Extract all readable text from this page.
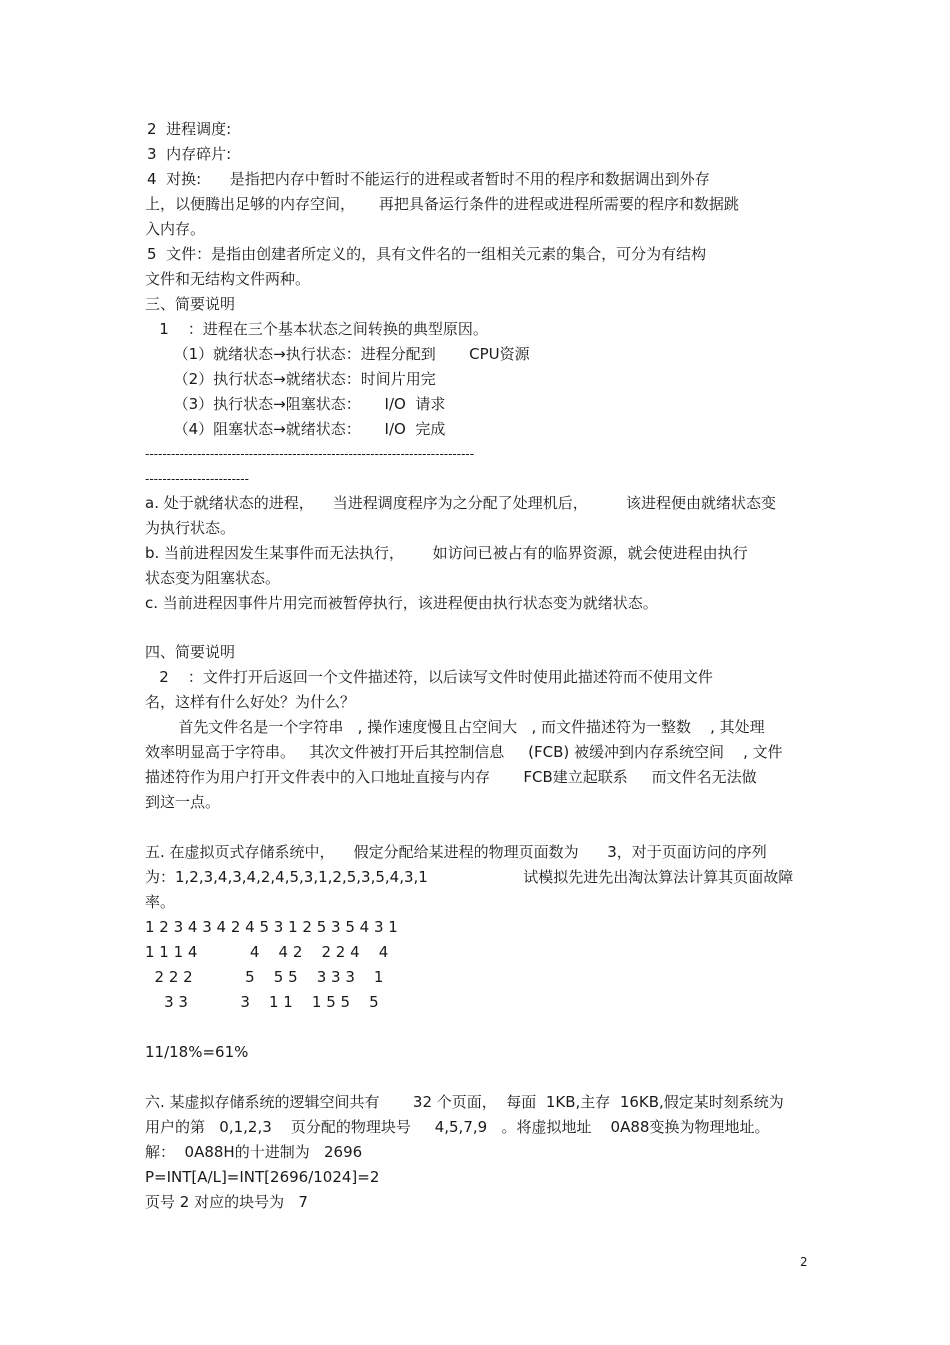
2  进程调度:
3  内存碎片:
4  对换:      是指把内存中暂时不能运行的进程或者暂时不用的程序和数据调出到外存
上，以便腾出足够的内存空间，     再把具备运行条件的进程或进程所需要的程序和数据跳
入内存。
5  文件：是指由创建者所定义的，具有文件名的一组相关元素的集合，可分为有结构
文件和无结构文件两种。
三、简要说明
1    ：进程在三个基本状态之间转换的典型原因。
（1）就绪状态→执行状态：进程分配到       CPU资源
（2）执行状态→就绪状态：时间片用完
（3）执行状态→阻塞状态：     I/O  请求
（4）阻塞状态→就绪状态：     I/O  完成
----------------------------------------------------------------------------
------------------------
a. 处于就绪状态的进程，    当进程调度程序为之分配了处理机后，        该进程便由就绪状态变
为执行状态。
b. 当前进程因发生某事件而无法执行，      如访问已被占有的临界资源，就会使进程由执行
状态变为阻塞状态。
c. 当前进程因事件片用完而被暂停执行，该进程便由执行状态变为就绪状态。
四、简要说明
2    ：文件打开后返回一个文件描述符，以后读写文件时使用此描述符而不使用文件
名，这样有什么好处？为什么？
首先文件名是一个字符串   , 操作速度慢且占空间大   , 而文件描述符为一整数    , 其处理
效率明显高于字符串。   其次文件被打开后其控制信息     (FCB) 被缓冲到内存系统空间    , 文件
描述符作为用户打开文件表中的入口地址直接与内存       FCB建立起联系     而文件名无法做
到这一点。
五. 在虚拟页式存储系统中，    假定分配给某进程的物理页面数为      3，对于页面访问的序列
为：1,2,3,4,3,4,2,4,5,3,1,2,5,3,5,4,3,1                    试模拟先进先出淘汰算法计算其页面故障
率。
1 2 3 4 3 4 2 4 5 3 1 2 5 3 5 4 3 1
1 1 1 4           4    4 2    2 2 4    4
2 2 2           5    5 5    3 3 3    1
3 3           3    1 1    1 5 5    5
11/18%=61%
六. 某虚拟存储系统的逻辑空间共有       32 个页面，  每面  1KB,主存  16KB,假定某时刻系统为
用户的第   0,1,2,3    页分配的物理块号     4,5,7,9   。将虚拟地址    0A88变换为物理地址。
解：  0A88H的十进制为   2696
P=INT[A/L]=INT[2696/1024]=2
页号 2 对应的块号为   7
2
